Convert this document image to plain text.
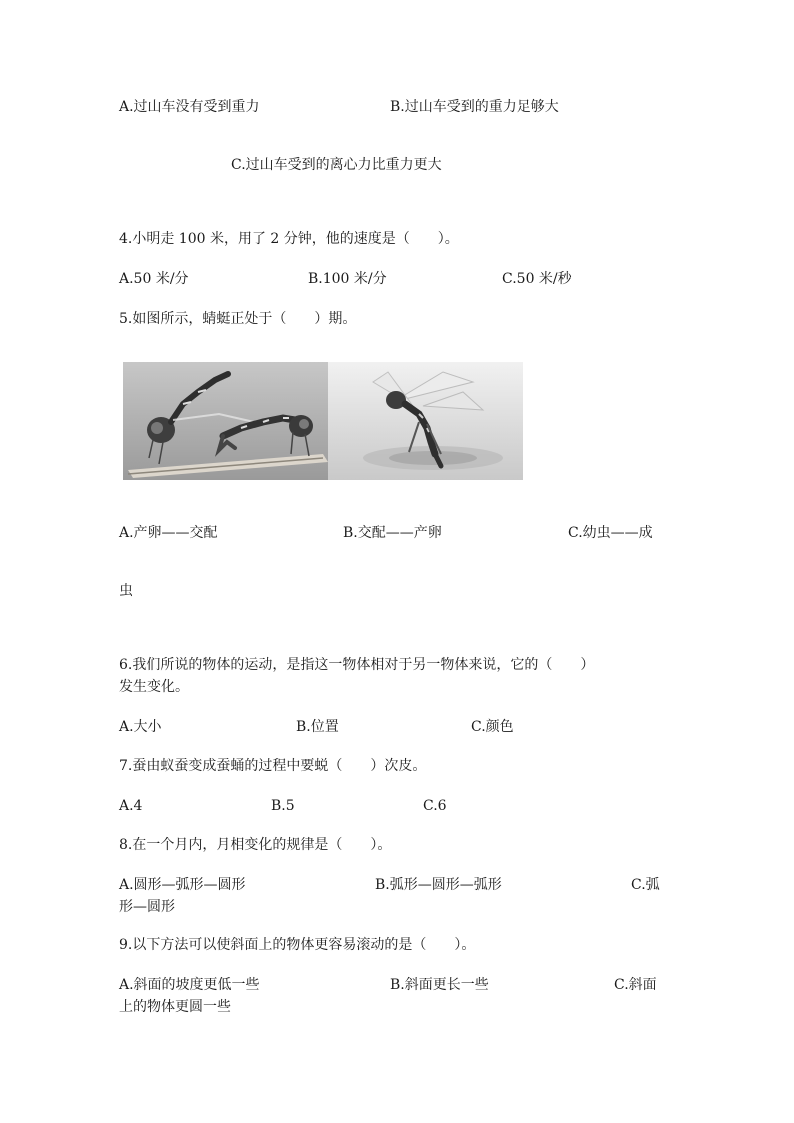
A.过山车没有受到重力	B.过山车受到的重力足够大
C.过山车受到的离心力比重力更大
4.小明走 100 米，用了 2 分钟，他的速度是（　　）。
A.50 米/分	B.100 米/分	C.50 米/秒
5.如图所示，蜻蜓正处于（　　）期。
A.产卵——交配	B.交配——产卵	C.幼虫——成
虫
6.我们所说的物体的运动，是指这一物体相对于另一物体来说，它的（　　）
发生变化。
A.大小	B.位置	C.颜色
7.蚕由蚁蚕变成蚕蛹的过程中要蜕（　　）次皮。
A.4	B.5	C.6
8.在一个月内，月相变化的规律是（　　）。
A.圆形—弧形—圆形	B.弧形—圆形—弧形	C.弧
形—圆形
9.以下方法可以使斜面上的物体更容易滚动的是（　　）。
A.斜面的坡度更低一些	B.斜面更长一些	C.斜面
上的物体更圆一些
